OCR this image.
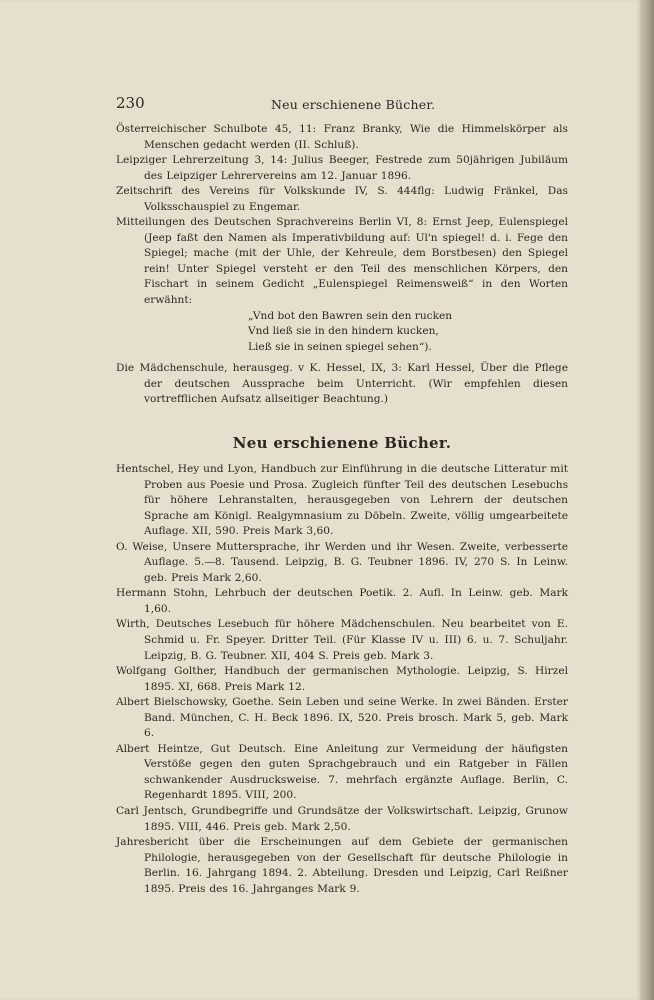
230	Neu erschienene Bücher.

Österreichischer Schulbote 45, 11: Franz Branky, Wie die Himmelskörper als Menschen gedacht werden (II. Schluß).

Leipziger Lehrerzeitung 3, 14: Julius Beeger, Festrede zum 50jährigen Jubiläum des Leipziger Lehrervereins am 12. Januar 1896.

Zeitschrift des Vereins für Volkskunde IV, S. 444flg: Ludwig Fränkel, Das Volksschauspiel zu Engemar.

Mitteilungen des Deutschen Sprachvereins Berlin VI, 8: Ernst Jeep, Eulenspiegel (Jeep faßt den Namen als Imperativbildung auf: Ul'n spiegel! d. i. Fege den Spiegel; mache (mit der Uhle, der Kehreule, dem Borstbesen) den Spiegel rein! Unter Spiegel versteht er den Teil des menschlichen Körpers, den Fischart in seinem Gedicht „Eulenspiegel Reimensweiß“ in den Worten erwähnt:

„Vnd bot den Bawren sein den rucken
Vnd ließ sie in den hindern kucken,
Ließ sie in seinen spiegel sehen“).

Die Mädchenschule, herausgeg. v K. Hessel, IX, 3: Karl Hessel, Über die Pflege der deutschen Aussprache beim Unterricht. (Wir empfehlen diesen vortrefflichen Aufsatz allseitiger Beachtung.)

Neu erschienene Bücher.

Hentschel, Hey und Lyon, Handbuch zur Einführung in die deutsche Litteratur mit Proben aus Poesie und Prosa. Zugleich fünfter Teil des deutschen Lesebuchs für höhere Lehranstalten, herausgegeben von Lehrern der deutschen Sprache am Königl. Realgymnasium zu Döbeln. Zweite, völlig umgearbeitete Auflage. XII, 590. Preis Mark 3,60.

O. Weise, Unsere Muttersprache, ihr Werden und ihr Wesen. Zweite, verbesserte Auflage. 5.—8. Tausend. Leipzig, B. G. Teubner 1896. IV, 270 S. In Leinw. geb. Preis Mark 2,60.

Hermann Stohn, Lehrbuch der deutschen Poetik. 2. Aufl. In Leinw. geb. Mark 1,60.

Wirth, Deutsches Lesebuch für höhere Mädchenschulen. Neu bearbeitet von E. Schmid u. Fr. Speyer. Dritter Teil. (Für Klasse IV u. III) 6. u. 7. Schuljahr. Leipzig, B. G. Teubner. XII, 404 S. Preis geb. Mark 3.

Wolfgang Golther, Handbuch der germanischen Mythologie. Leipzig, S. Hirzel 1895. XI, 668. Preis Mark 12.

Albert Bielschowsky, Goethe. Sein Leben und seine Werke. In zwei Bänden. Erster Band. München, C. H. Beck 1896. IX, 520. Preis brosch. Mark 5, geb. Mark 6.

Albert Heintze, Gut Deutsch. Eine Anleitung zur Vermeidung der häufigsten Verstöße gegen den guten Sprachgebrauch und ein Ratgeber in Fällen schwankender Ausdrucksweise. 7. mehrfach ergänzte Auflage. Berlin, C. Regenhardt 1895. VIII, 200.

Carl Jentsch, Grundbegriffe und Grundsätze der Volkswirtschaft. Leipzig, Grunow 1895. VIII, 446. Preis geb. Mark 2,50.

Jahresbericht über die Erscheinungen auf dem Gebiete der germanischen Philologie, herausgegeben von der Gesellschaft für deutsche Philologie in Berlin. 16. Jahrgang 1894. 2. Abteilung. Dresden und Leipzig, Carl Reißner 1895. Preis des 16. Jahrganges Mark 9.
